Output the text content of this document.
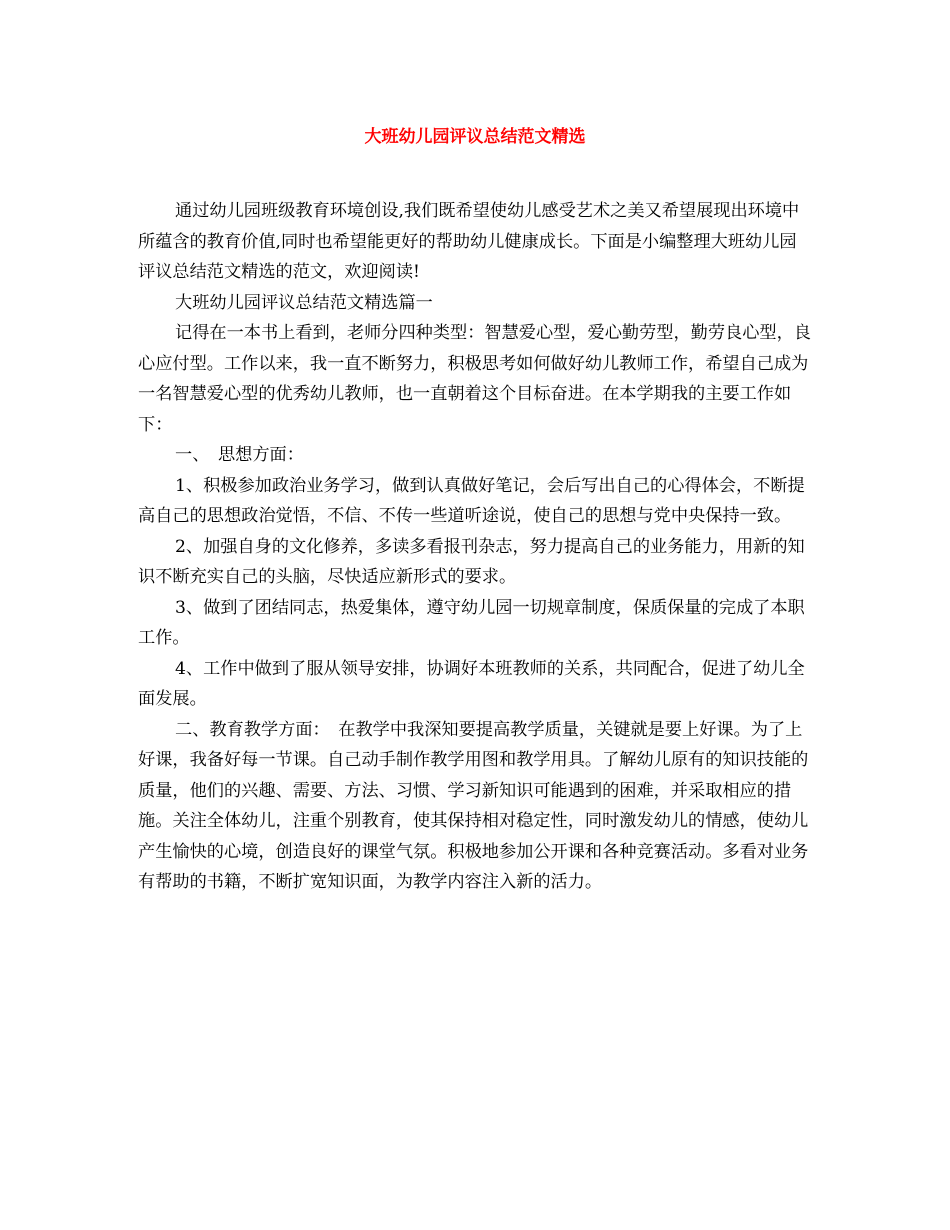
大班幼儿园评议总结范文精选

通过幼儿园班级教育环境创设,我们既希望使幼儿感受艺术之美又希望展现出环境中所蕴含的教育价值,同时也希望能更好的帮助幼儿健康成长。下面是小编整理大班幼儿园评议总结范文精选的范文，欢迎阅读!

大班幼儿园评议总结范文精选篇一

记得在一本书上看到，老师分四种类型：智慧爱心型，爱心勤劳型，勤劳良心型，良心应付型。工作以来，我一直不断努力，积极思考如何做好幼儿教师工作，希望自己成为一名智慧爱心型的优秀幼儿教师，也一直朝着这个目标奋进。在本学期我的主要工作如下：

一、　思想方面：

1、积极参加政治业务学习，做到认真做好笔记，会后写出自己的心得体会，不断提高自己的思想政治觉悟，不信、不传一些道听途说，使自己的思想与党中央保持一致。

2、加强自身的文化修养，多读多看报刊杂志，努力提高自己的业务能力，用新的知识不断充实自己的头脑，尽快适应新形式的要求。

3、做到了团结同志，热爱集体，遵守幼儿园一切规章制度，保质保量的完成了本职工作。

4、工作中做到了服从领导安排，协调好本班教师的关系，共同配合，促进了幼儿全面发展。

二、教育教学方面：　在教学中我深知要提高教学质量，关键就是要上好课。为了上好课，我备好每一节课。自己动手制作教学用图和教学用具。了解幼儿原有的知识技能的质量，他们的兴趣、需要、方法、习惯、学习新知识可能遇到的困难，并采取相应的措施。关注全体幼儿，注重个别教育，使其保持相对稳定性，同时激发幼儿的情感，使幼儿产生愉快的心境，创造良好的课堂气氛。积极地参加公开课和各种竞赛活动。多看对业务有帮助的书籍，不断扩宽知识面，为教学内容注入新的活力。
